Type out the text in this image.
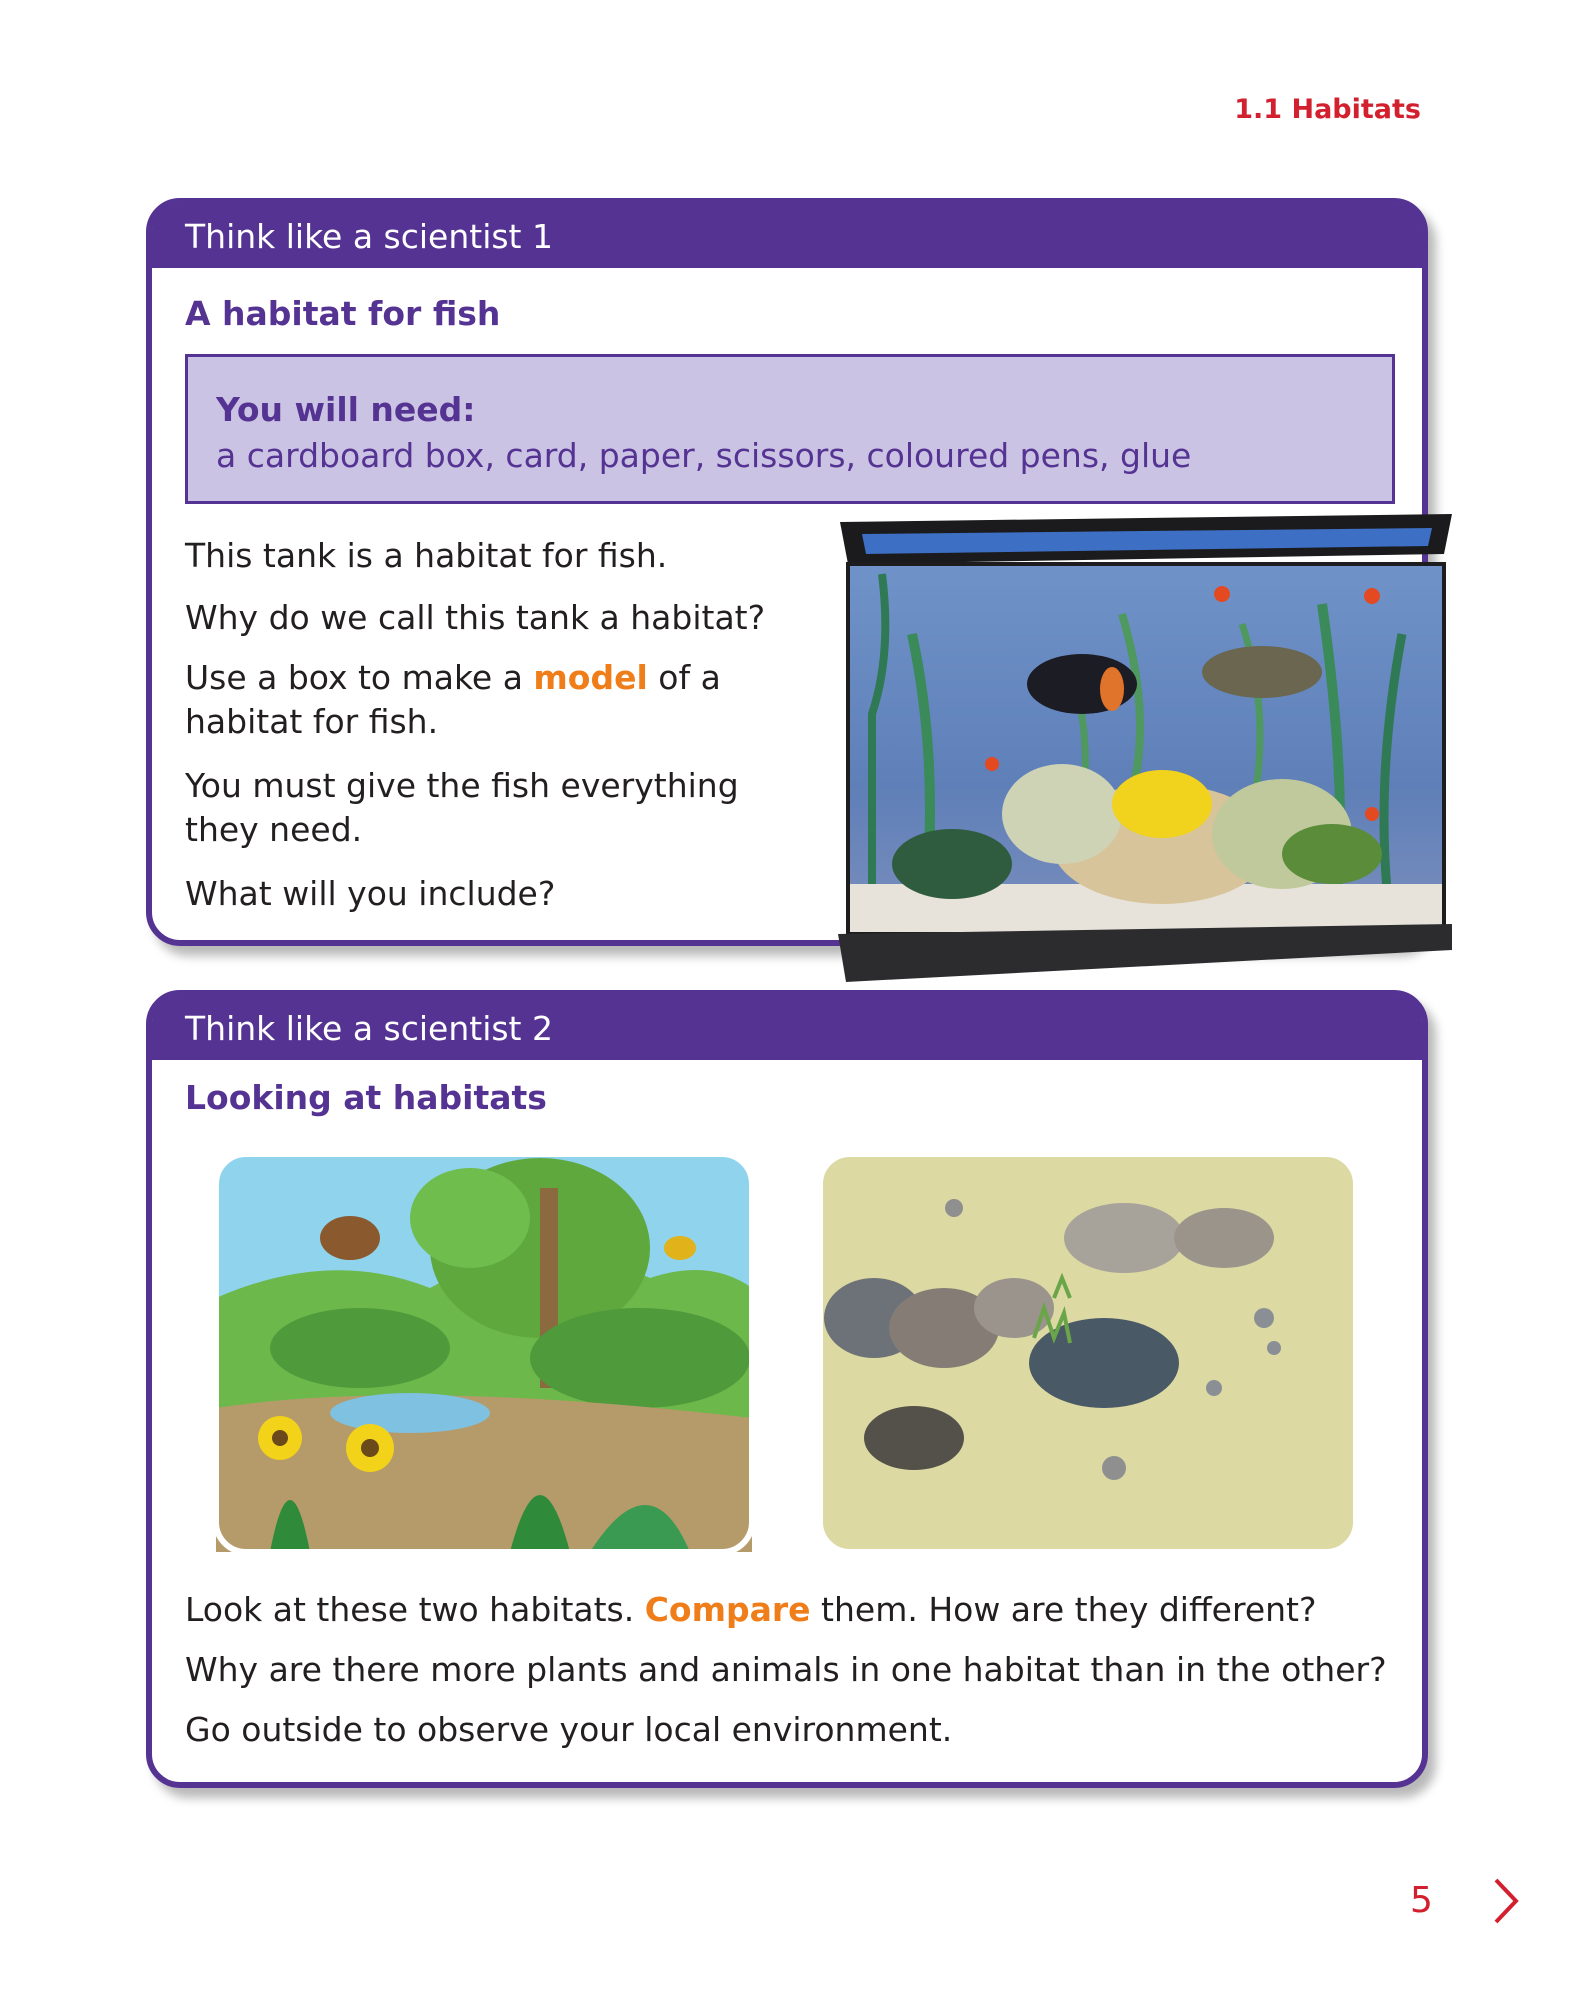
1.1 Habitats
Think like a scientist 1
A habitat for fish
You will need:
a cardboard box, card, paper, scissors, coloured pens, glue
This tank is a habitat for fish.
Why do we call this tank a habitat?
Use a box to make a model of a
habitat for fish.
You must give the fish everything
they need.
What will you include?
Think like a scientist 2
Looking at habitats
Look at these two habitats. Compare them. How are they different?
Why are there more plants and animals in one habitat than in the other?
Go outside to observe your local environment.
5
